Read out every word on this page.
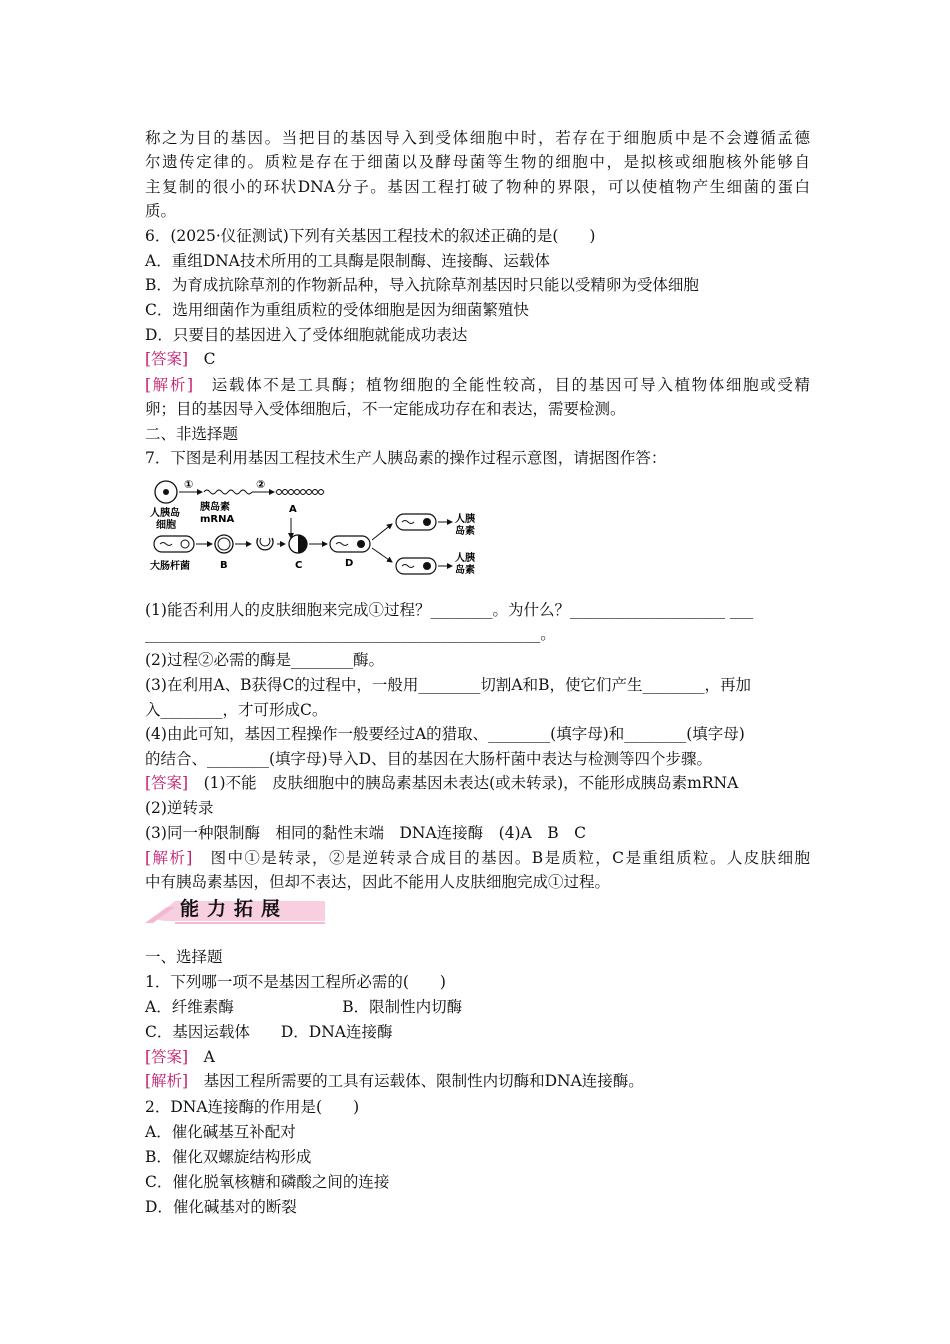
称之为目的基因。当把目的基因导入到受体细胞中时，若存在于细胞质中是不会遵循孟德
尔遗传定律的。质粒是存在于细菌以及酵母菌等生物的细胞中，是拟核或细胞核外能够自
主复制的很小的环状DNA分子。基因工程打破了物种的界限，可以使植物产生细菌的蛋白
质。
6．(2025·仪征测试)下列有关基因工程技术的叙述正确的是(　　)
A．重组DNA技术所用的工具酶是限制酶、连接酶、运载体
B．为育成抗除草剂的作物新品种，导入抗除草剂基因时只能以受精卵为受体细胞
C．选用细菌作为重组质粒的受体细胞是因为细菌繁殖快
D．只要目的基因进入了受体细胞就能成功表达
[答案]　C
[解析]　运载体不是工具酶；植物细胞的全能性较高，目的基因可导入植物体细胞或受精
卵；目的基因导入受体细胞后，不一定能成功存在和表达，需要检测。
二、非选择题
7．下图是利用基因工程技术生产人胰岛素的操作过程示意图，请据图作答：
①	②
A
人胰岛
细胞
胰岛素
mRNA	人胰
岛素
人胰
岛素
大肠杆菌	B	C	D
(1)能否利用人的皮肤细胞来完成①过程？________。为什么？____________________ ___
___________________________________________________。
(2)过程②必需的酶是________酶。
(3)在利用A、B获得C的过程中，一般用________切割A和B，使它们产生________，再加
入________，才可形成C。
(4)由此可知，基因工程操作一般要经过A的猎取、________(填字母)和________(填字母)
的结合、________(填字母)导入D、目的基因在大肠杆菌中表达与检测等四个步骤。
[答案]　(1)不能　皮肤细胞中的胰岛素基因未表达(或未转录)，不能形成胰岛素mRNA
(2)逆转录
(3)同一种限制酶　相同的黏性末端　DNA连接酶　(4)A　B　C
[解析]　图中①是转录，②是逆转录合成目的基因。B是质粒，C是重组质粒。人皮肤细胞
中有胰岛素基因，但却不表达，因此不能用人皮肤细胞完成①过程。
能力拓展
一、选择题
1．下列哪一项不是基因工程所必需的(　　)
A．纤维素酶　　　　　　　B．限制性内切酶
C．基因运载体　　D．DNA连接酶
[答案]　A
[解析]　基因工程所需要的工具有运载体、限制性内切酶和DNA连接酶。
2．DNA连接酶的作用是(　　)
A．催化碱基互补配对
B．催化双螺旋结构形成
C．催化脱氧核糖和磷酸之间的连接
D．催化碱基对的断裂
